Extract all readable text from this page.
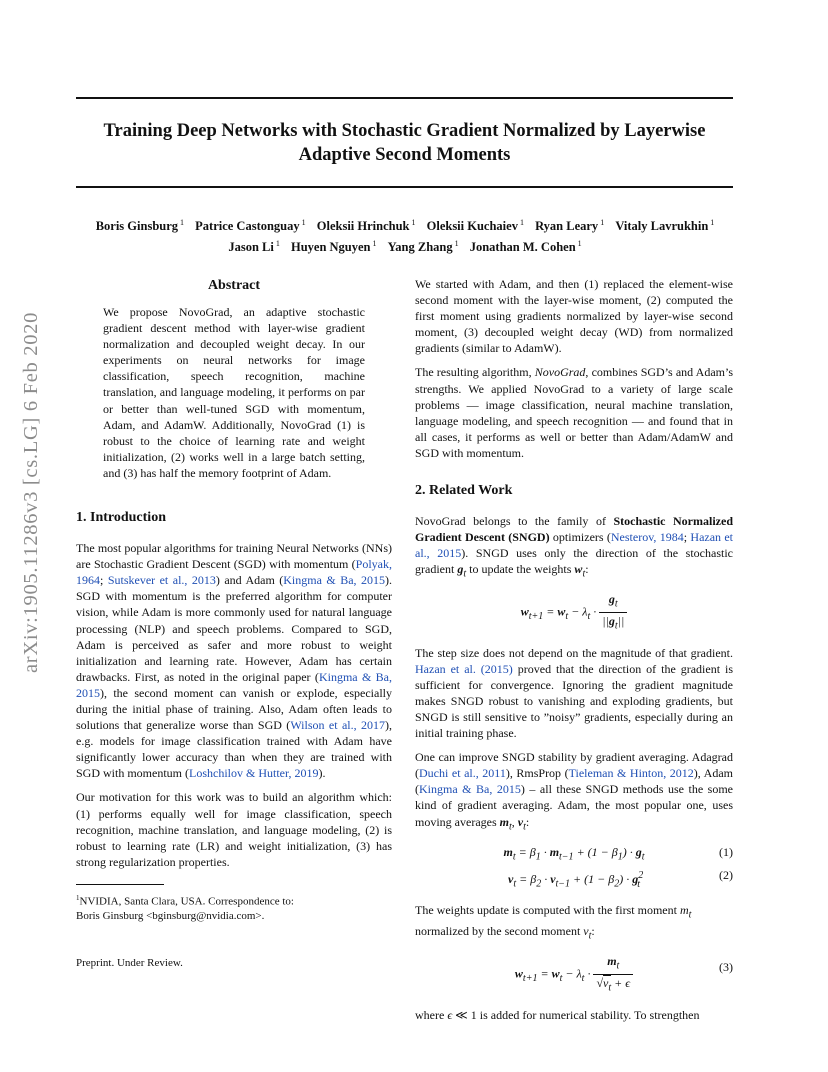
Training Deep Networks with Stochastic Gradient Normalized by Layerwise
Adaptive Second Moments
Boris Ginsburg $^1$ Patrice Castonguay $^1$ Oleksii Hrinchuk $^1$ Oleksii Kuchaiev $^1$ Ryan Leary $^1$ Vitaly Lavrukhin $^1$
Jason Li $^1$ Huyen Nguyen $^1$ Yang Zhang $^1$ Jonathan M. Cohen $^1$
arXiv:1905.11286v3 [cs.LG] 6 Feb 2020
Abstract

We propose NovoGrad, an adaptive stochastic gradient descent method with layer-wise gradient normalization and decoupled weight decay. In our experiments on neural networks for image classification, speech recognition, machine translation, and language modeling, it performs on par or better than well-tuned SGD with momentum, Adam, and AdamW. Additionally, NovoGrad (1) is robust to the choice of learning rate and weight initialization, (2) works well in a large batch setting, and (3) has half the memory footprint of Adam.

1. Introduction

The most popular algorithms for training Neural Networks (NNs) are Stochastic Gradient Descent (SGD) with momentum (Polyak, 1964; Sutskever et al., 2013) and Adam (Kingma & Ba, 2015). SGD with momentum is the preferred algorithm for computer vision, while Adam is more commonly used for natural language processing (NLP) and speech problems. Compared to SGD, Adam is perceived as safer and more robust to weight initialization and learning rate. However, Adam has certain drawbacks. First, as noted in the original paper (Kingma & Ba, 2015), the second moment can vanish or explode, especially during the initial phase of training. Also, Adam often leads to solutions that generalize worse than SGD (Wilson et al., 2017), e.g. models for image classification trained with Adam have significantly lower accuracy than when they are trained with SGD with momentum (Loshchilov & Hutter, 2019).

Our motivation for this work was to build an algorithm which: (1) performs equally well for image classification, speech recognition, machine translation, and language modeling, (2) is robust to learning rate (LR) and weight initialization, (3) has strong regularization properties.

$^1$NVIDIA, Santa Clara, USA. Correspondence to:
Boris Ginsburg <bginsburg@nvidia.com>.
Preprint. Under Review.

We started with Adam, and then (1) replaced the element-wise second moment with the layer-wise moment, (2) computed the first moment using gradients normalized by layer-wise second moment, (3) decoupled weight decay (WD) from normalized gradients (similar to AdamW).

The resulting algorithm, NovoGrad, combines SGD’s and Adam’s strengths. We applied NovoGrad to a variety of large scale problems — image classification, neural machine translation, language modeling, and speech recognition — and found that in all cases, it performs as well or better than Adam/AdamW and SGD with momentum.

2. Related Work

NovoGrad belongs to the family of Stochastic Normalized Gradient Descent (SNGD) optimizers (Nesterov, 1984; Hazan et al., 2015). SNGD uses only the direction of the stochastic gradient $g_t$ to update the weights $w_t$:

$w_{t+1} = w_t - \lambda_t \cdot \frac{g_t}{||g_t||}$

The step size does not depend on the magnitude of that gradient. Hazan et al. (2015) proved that the direction of the gradient is sufficient for convergence. Ignoring the gradient magnitude makes SNGD robust to vanishing and exploding gradients, but SNGD is still sensitive to ”noisy” gradients, especially during an initial training phase.

One can improve SNGD stability by gradient averaging. Adagrad (Duchi et al., 2011), RmsProp (Tieleman & Hinton, 2012), Adam (Kingma & Ba, 2015) – all these SNGD methods use the some kind of gradient averaging. Adam, the most popular one, uses moving averages $m_t$, $v_t$:

$m_t = \beta_1 \cdot m_{t-1} + (1 - \beta_1) \cdot g_t$	(1)
$v_t = \beta_2 \cdot v_{t-1} + (1 - \beta_2) \cdot g^2_t$
(2)

The weights update is computed with the first moment $m_t$ normalized by the second moment $v_t$:

$w_{t+1} = w_t - \lambda_t \cdot \frac{m_t}{√v_t + \epsilon}$	(3)

where ϵ ≪ 1 is added for numerical stability. To strengthen
